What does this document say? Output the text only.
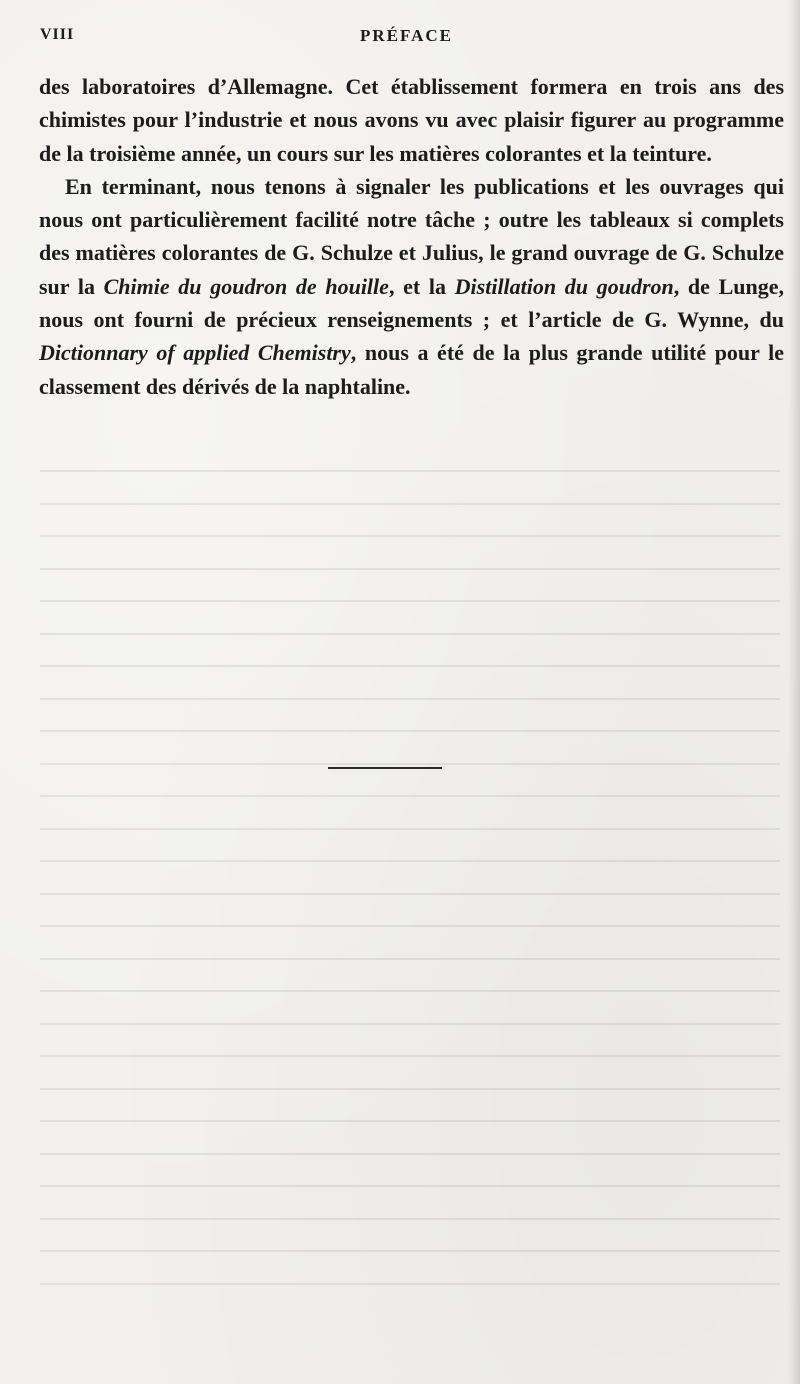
VIII	PRÉFACE

des laboratoires d’Allemagne. Cet établissement formera en trois ans des chimistes pour l’industrie et nous avons vu avec plaisir figurer au programme de la troisième année, un cours sur les matières colorantes et la teinture.

En terminant, nous tenons à signaler les publications et les ouvrages qui nous ont particulièrement facilité notre tâche ; outre les tableaux si complets des matières colorantes de G. Schulze et Julius, le grand ouvrage de G. Schulze sur la Chimie du goudron de houille, et la Distillation du goudron, de Lunge, nous ont fourni de précieux renseignements ; et l’article de G. Wynne, du Dictionnary of applied Chemistry, nous a été de la plus grande utilité pour le classement des dérivés de la naphtaline.
